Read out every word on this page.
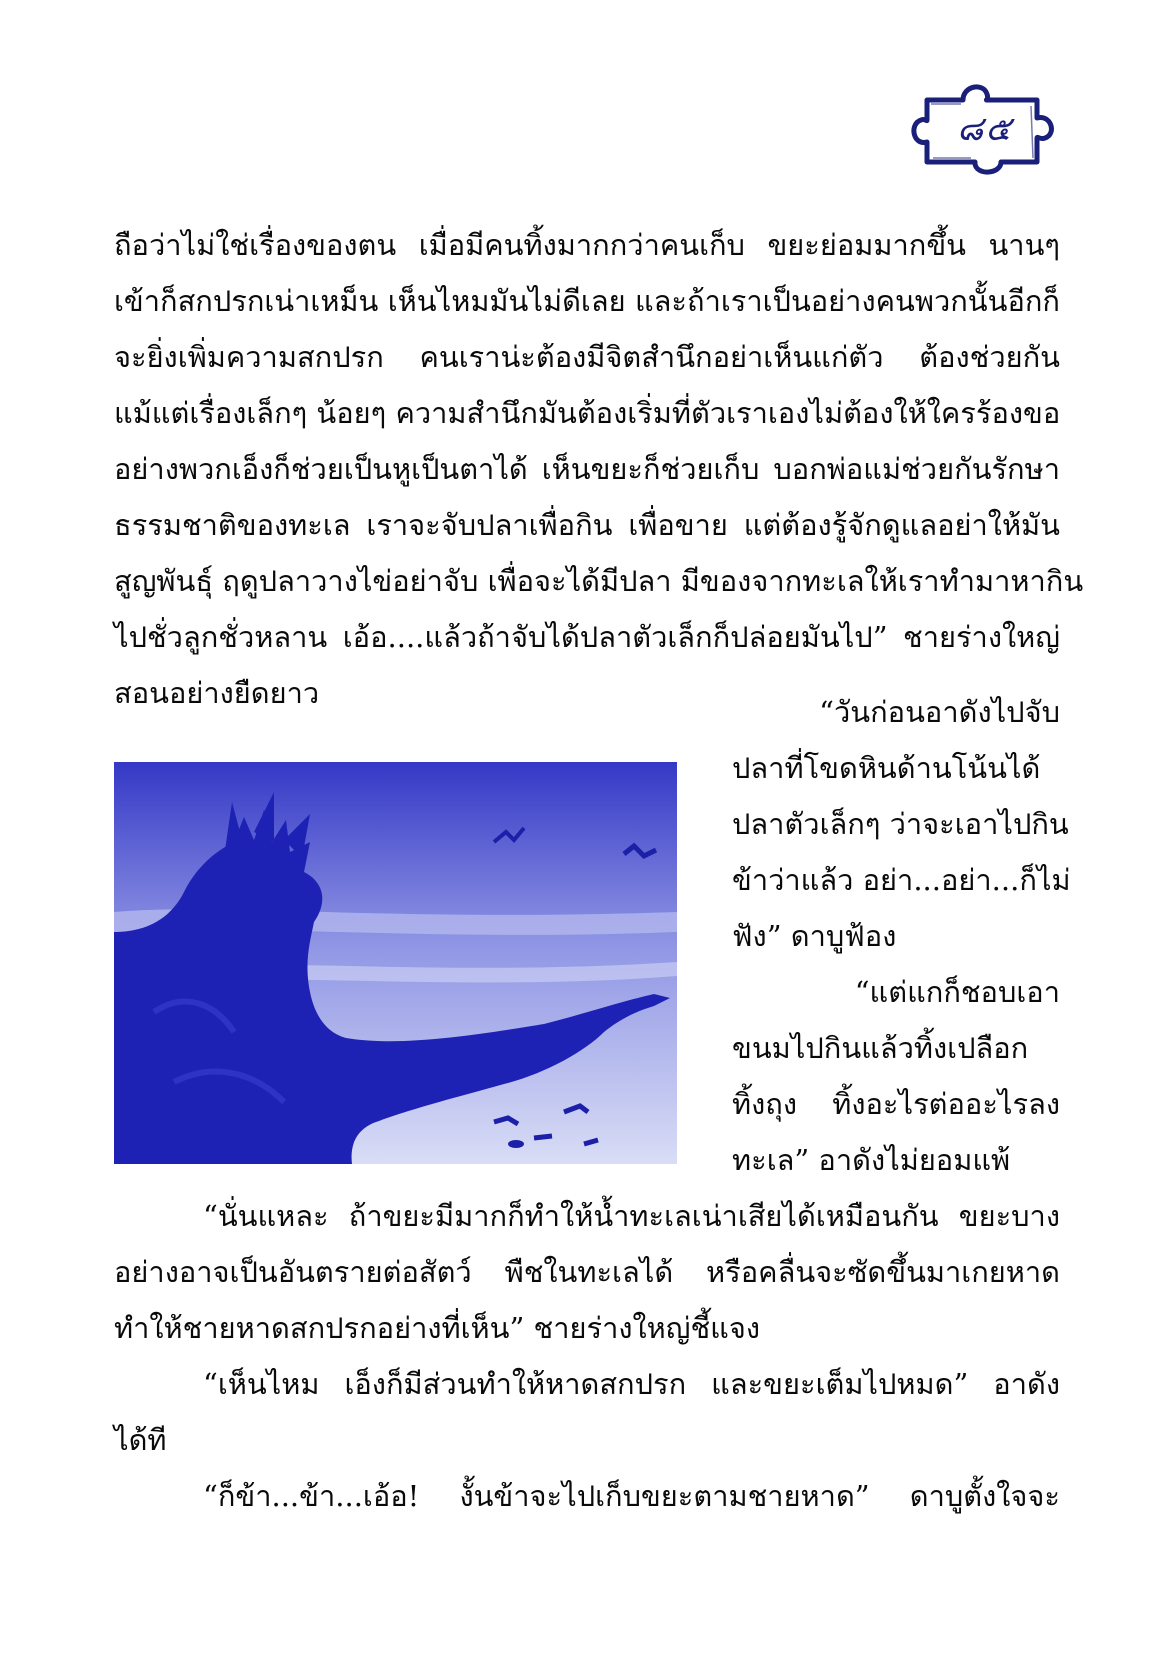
๘๕
ถือว่าไม่ใช่เรื่องของตน เมื่อมีคนทิ้งมากกว่าคนเก็บ ขยะย่อมมากขึ้น นานๆ
เข้าก็สกปรกเน่าเหม็น เห็นไหมมันไม่ดีเลย และถ้าเราเป็นอย่างคนพวกนั้นอีกก็
จะยิ่งเพิ่มความสกปรก คนเราน่ะต้องมีจิตสำนึกอย่าเห็นแก่ตัว ต้องช่วยกัน
แม้แต่เรื่องเล็กๆ น้อยๆ ความสำนึกมันต้องเริ่มที่ตัวเราเองไม่ต้องให้ใครร้องขอ
อย่างพวกเอ็งก็ช่วยเป็นหูเป็นตาได้ เห็นขยะก็ช่วยเก็บ บอกพ่อแม่ช่วยกันรักษา
ธรรมชาติของทะเล เราจะจับปลาเพื่อกิน เพื่อขาย แต่ต้องรู้จักดูแลอย่าให้มัน
สูญพันธุ์ ฤดูปลาวางไข่อย่าจับ เพื่อจะได้มีปลา มีของจากทะเลให้เราทำมาหากิน
ไปชั่วลูกชั่วหลาน เอ้อ....แล้วถ้าจับได้ปลาตัวเล็กก็ปล่อยมันไป” ชายร่างใหญ่
สอนอย่างยืดยาว
“วันก่อนอาดังไปจับ
ปลาที่โขดหินด้านโน้นได้
ปลาตัวเล็กๆ ว่าจะเอาไปกิน
ข้าว่าแล้ว อย่า...อย่า...ก็ไม่
ฟัง” ดาบูฟ้อง
“แต่แกก็ชอบเอา
ขนมไปกินแล้วทิ้งเปลือก
ทิ้งถุง ทิ้งอะไรต่ออะไรลง
ทะเล” อาดังไม่ยอมแพ้
“นั่นแหละ ถ้าขยะมีมากก็ทำให้น้ำทะเลเน่าเสียได้เหมือนกัน ขยะบาง
อย่างอาจเป็นอันตรายต่อสัตว์ พืชในทะเลได้ หรือคลื่นจะซัดขึ้นมาเกยหาด
ทำให้ชายหาดสกปรกอย่างที่เห็น” ชายร่างใหญ่ชี้แจง
“เห็นไหม เอ็งก็มีส่วนทำให้หาดสกปรก และขยะเต็มไปหมด” อาดัง
ได้ที
“ก็ข้า...ข้า...เอ้อ! งั้นข้าจะไปเก็บขยะตามชายหาด” ดาบูตั้งใจจะ
